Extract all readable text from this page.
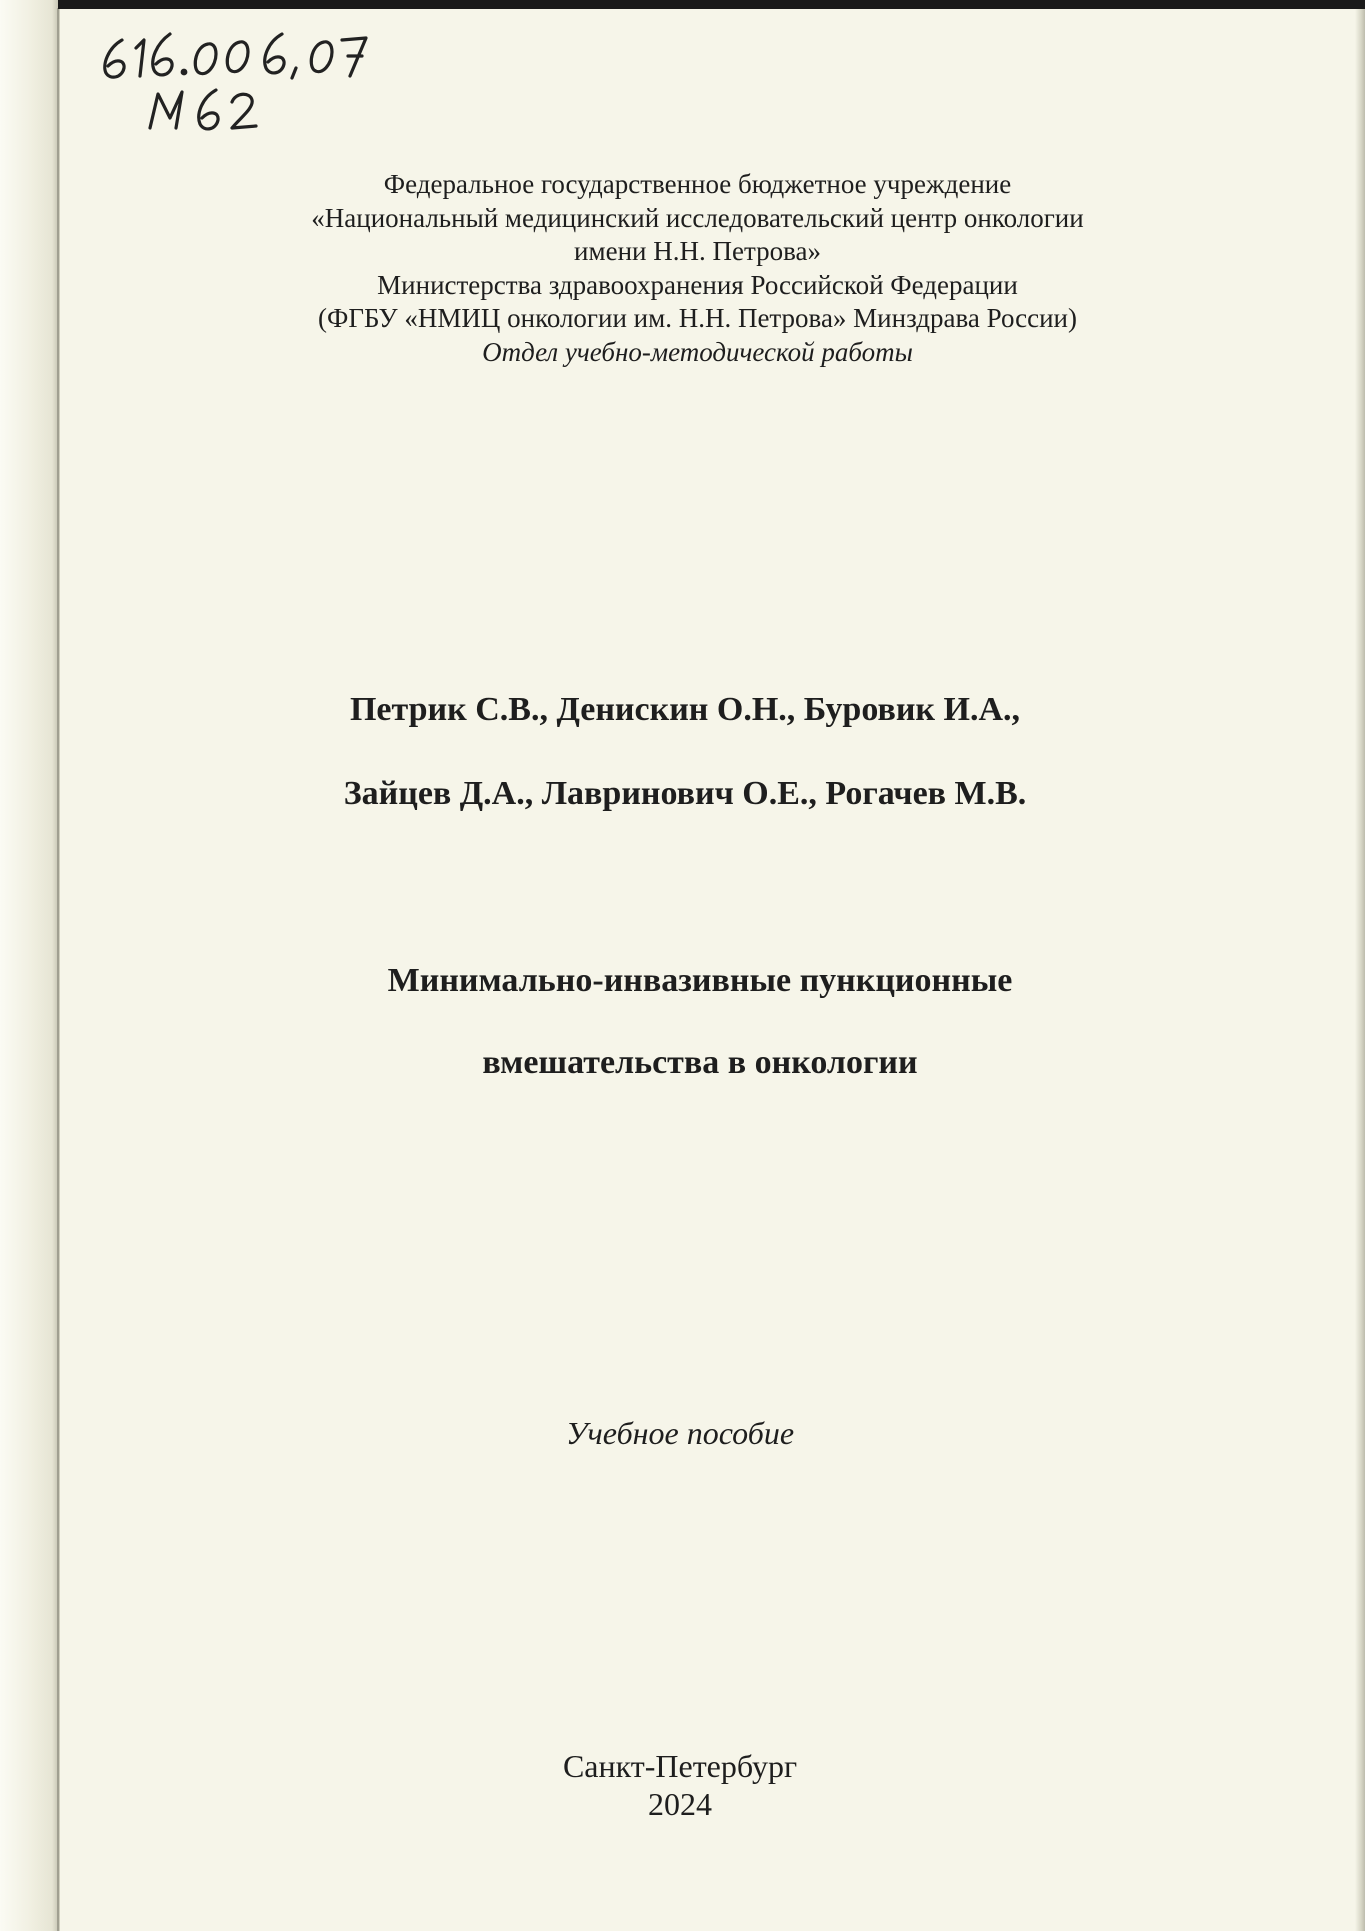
Федеральное государственное бюджетное учреждение
«Национальный медицинский исследовательский центр онкологии
имени Н.Н. Петрова»
Министерства здравоохранения Российской Федерации
(ФГБУ «НМИЦ онкологии им. Н.Н. Петрова» Минздрава России)
Отдел учебно-методической работы
Петрик С.В., Денискин О.Н., Буровик И.А.,
Зайцев Д.А., Лавринович О.Е., Рогачев М.В.
Минимально-инвазивные пункционные
вмешательства в онкологии
Учебное пособие
Санкт-Петербург
2024
